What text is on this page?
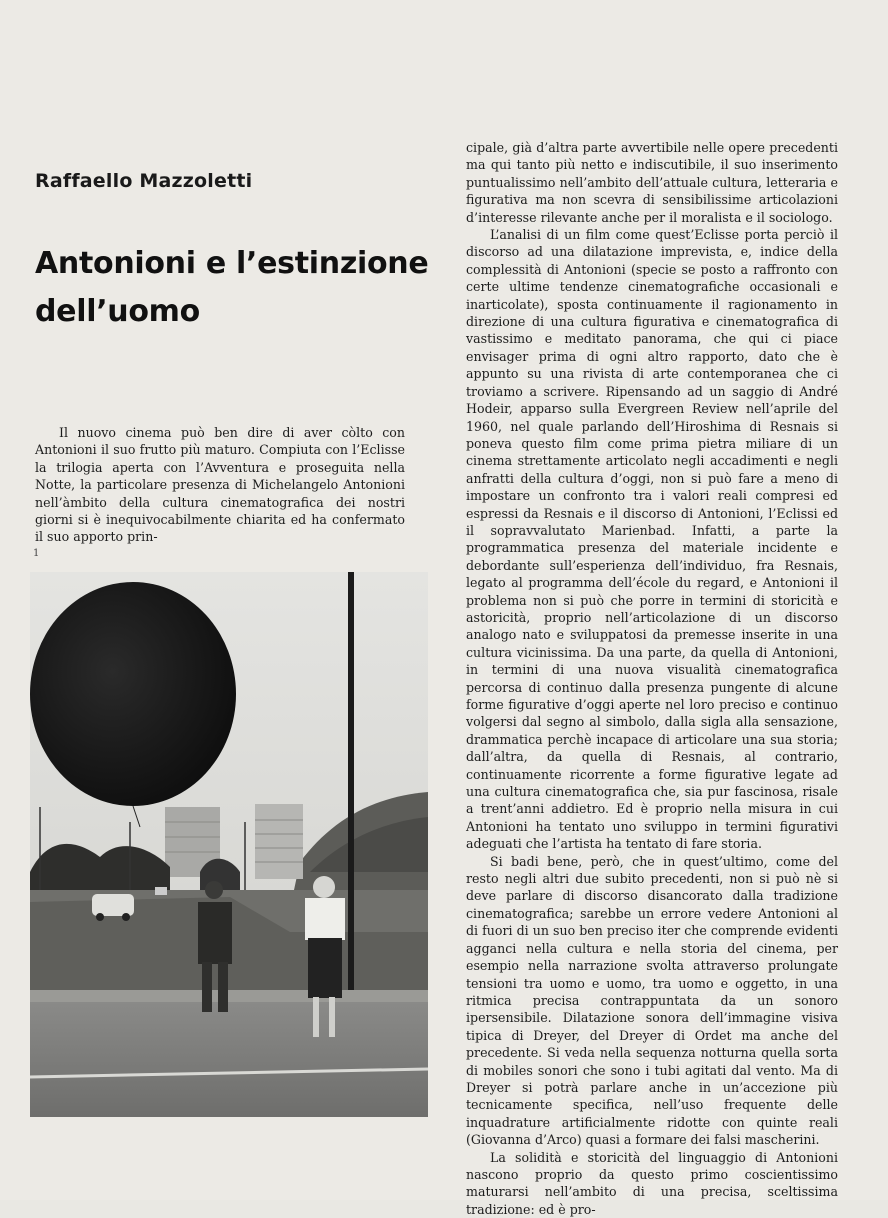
Raffaello Mazzoletti
Antonioni e l’estinzione
dell’uomo

Il nuovo cinema può ben dire di aver còlto con Antonioni il suo frutto più maturo. Compiuta con l’Eclisse la trilogia aperta con l’Avventura e proseguita nella Notte, la particolare presenza di Michelangelo Antonioni nell’àmbito della cultura cinematografica dei nostri giorni si è inequivocabilmente chiarita ed ha confermato il suo apporto prin-

1

cipale, già d’altra parte avvertibile nelle opere precedenti ma qui tanto più netto e indiscutibile, il suo inserimento puntualissimo nell’ambito dell’attuale cultura, letteraria e figurativa ma non scevra di sensibilissime articolazioni d’interesse rilevante anche per il moralista e il sociologo.

L’analisi di un film come quest’Eclisse porta perciò il discorso ad una dilatazione imprevista, e, indice della complessità di Antonioni (specie se posto a raffronto con certe ultime tendenze cinematografiche occasionali e inarticolate), sposta continuamente il ragionamento in direzione di una cultura figurativa e cinematografica di vastissimo e meditato panorama, che qui ci piace envisager prima di ogni altro rapporto, dato che è appunto su una rivista di arte contemporanea che ci troviamo a scrivere. Ripensando ad un saggio di André Hodeir, apparso sulla Evergreen Review nell’aprile del 1960, nel quale parlando dell’Hiroshima di Resnais si poneva questo film come prima pietra miliare di un cinema strettamente articolato negli accadimenti e negli anfratti della cultura d’oggi, non si può fare a meno di impostare un confronto tra i valori reali compresi ed espressi da Resnais e il discorso di Antonioni, l’Eclissi ed il sopravvalutato Marienbad. Infatti, a parte la programmatica presenza del materiale incidente e debordante sull’esperienza dell’individuo, fra Resnais, legato al programma dell’école du regard, e Antonioni il problema non si può che porre in termini di storicità e astoricità, proprio nell’articolazione di un discorso analogo nato e sviluppatosi da premesse inserite in una cultura vicinissima. Da una parte, da quella di Antonioni, in termini di una nuova visualità cinematografica percorsa di continuo dalla presenza pungente di alcune forme figurative d’oggi aperte nel loro preciso e continuo volgersi dal segno al simbolo, dalla sigla alla sensazione, drammatica perchè incapace di articolare una sua storia; dall’altra, da quella di Resnais, al contrario, continuamente ricorrente a forme figurative legate ad una cultura cinematografica che, sia pur fascinosa, risale a trent’anni addietro. Ed è proprio nella misura in cui Antonioni ha tentato uno sviluppo in termini figurativi adeguati che l’artista ha tentato di fare storia.

Si badi bene, però, che in quest’ultimo, come del resto negli altri due subito precedenti, non si può nè si deve parlare di discorso disancorato dalla tradizione cinematografica; sarebbe un errore vedere Antonioni al di fuori di un suo ben preciso iter che comprende evidenti agganci nella cultura e nella storia del cinema, per esempio nella narrazione svolta attraverso prolungate tensioni tra uomo e uomo, tra uomo e oggetto, in una ritmica precisa contrappuntata da un sonoro ipersensibile. Dilatazione sonora dell’immagine visiva tipica di Dreyer, del Dreyer di Ordet ma anche del precedente. Si veda nella sequenza notturna quella sorta di mobiles sonori che sono i tubi agitati dal vento. Ma di Dreyer si potrà parlare anche in un’accezione più tecnicamente specifica, nell’uso frequente delle inquadrature artificialmente ridotte con quinte reali (Giovanna d’Arco) quasi a formare dei falsi mascherini.

La solidità e storicità del linguaggio di Antonioni nascono proprio da questo primo coscientissimo maturarsi nell’ambito di una precisa, sceltissima tradizione: ed è pro-
